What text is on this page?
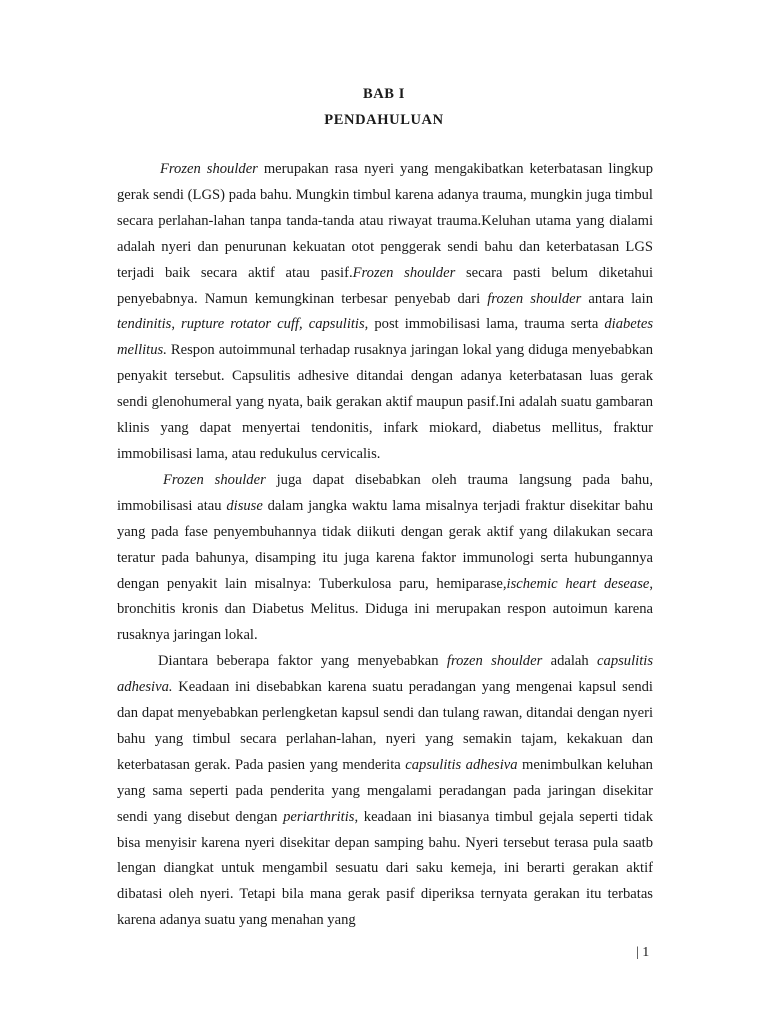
BAB I
PENDAHULUAN

Frozen shoulder merupakan rasa nyeri yang mengakibatkan keterbatasan lingkup gerak sendi (LGS) pada bahu. Mungkin timbul karena adanya trauma, mungkin juga timbul secara perlahan-lahan tanpa tanda-tanda atau riwayat trauma.Keluhan utama yang dialami adalah nyeri dan penurunan kekuatan otot penggerak sendi bahu dan keterbatasan LGS terjadi baik secara aktif atau pasif.Frozen shoulder secara pasti belum diketahui penyebabnya. Namun kemungkinan terbesar penyebab dari frozen shoulder antara lain tendinitis, rupture rotator cuff, capsulitis, post immobilisasi lama, trauma serta diabetes mellitus. Respon autoimmunal terhadap rusaknya jaringan lokal yang diduga menyebabkan penyakit tersebut. Capsulitis adhesive ditandai dengan adanya keterbatasan luas gerak sendi glenohumeral yang nyata, baik gerakan aktif maupun pasif.Ini adalah suatu gambaran klinis yang dapat menyertai tendonitis, infark miokard, diabetus mellitus, fraktur immobilisasi lama, atau redukulus cervicalis.

Frozen shoulder juga dapat disebabkan oleh trauma langsung pada bahu, immobilisasi atau disuse dalam jangka waktu lama misalnya terjadi fraktur disekitar bahu yang pada fase penyembuhannya tidak diikuti dengan gerak aktif yang dilakukan secara teratur pada bahunya, disamping itu juga karena faktor immunologi serta hubungannya dengan penyakit lain misalnya: Tuberkulosa paru, hemiparase,ischemic heart desease, bronchitis kronis dan Diabetus Melitus. Diduga ini merupakan respon autoimun karena rusaknya jaringan lokal.

Diantara beberapa faktor yang menyebabkan frozen shoulder adalah capsulitis adhesiva. Keadaan ini disebabkan karena suatu peradangan yang mengenai kapsul sendi dan dapat menyebabkan perlengketan kapsul sendi dan tulang rawan, ditandai dengan nyeri bahu yang timbul secara perlahan-lahan, nyeri yang semakin tajam, kekakuan dan keterbatasan gerak. Pada pasien yang menderita capsulitis adhesiva menimbulkan keluhan yang sama seperti pada penderita yang mengalami peradangan pada jaringan disekitar sendi yang disebut dengan periarthritis, keadaan ini biasanya timbul gejala seperti tidak bisa menyisir karena nyeri disekitar depan samping bahu. Nyeri tersebut terasa pula saatb lengan diangkat untuk mengambil sesuatu dari saku kemeja, ini berarti gerakan aktif dibatasi oleh nyeri. Tetapi bila mana gerak pasif diperiksa ternyata gerakan itu terbatas karena adanya suatu yang menahan yang

| 1
